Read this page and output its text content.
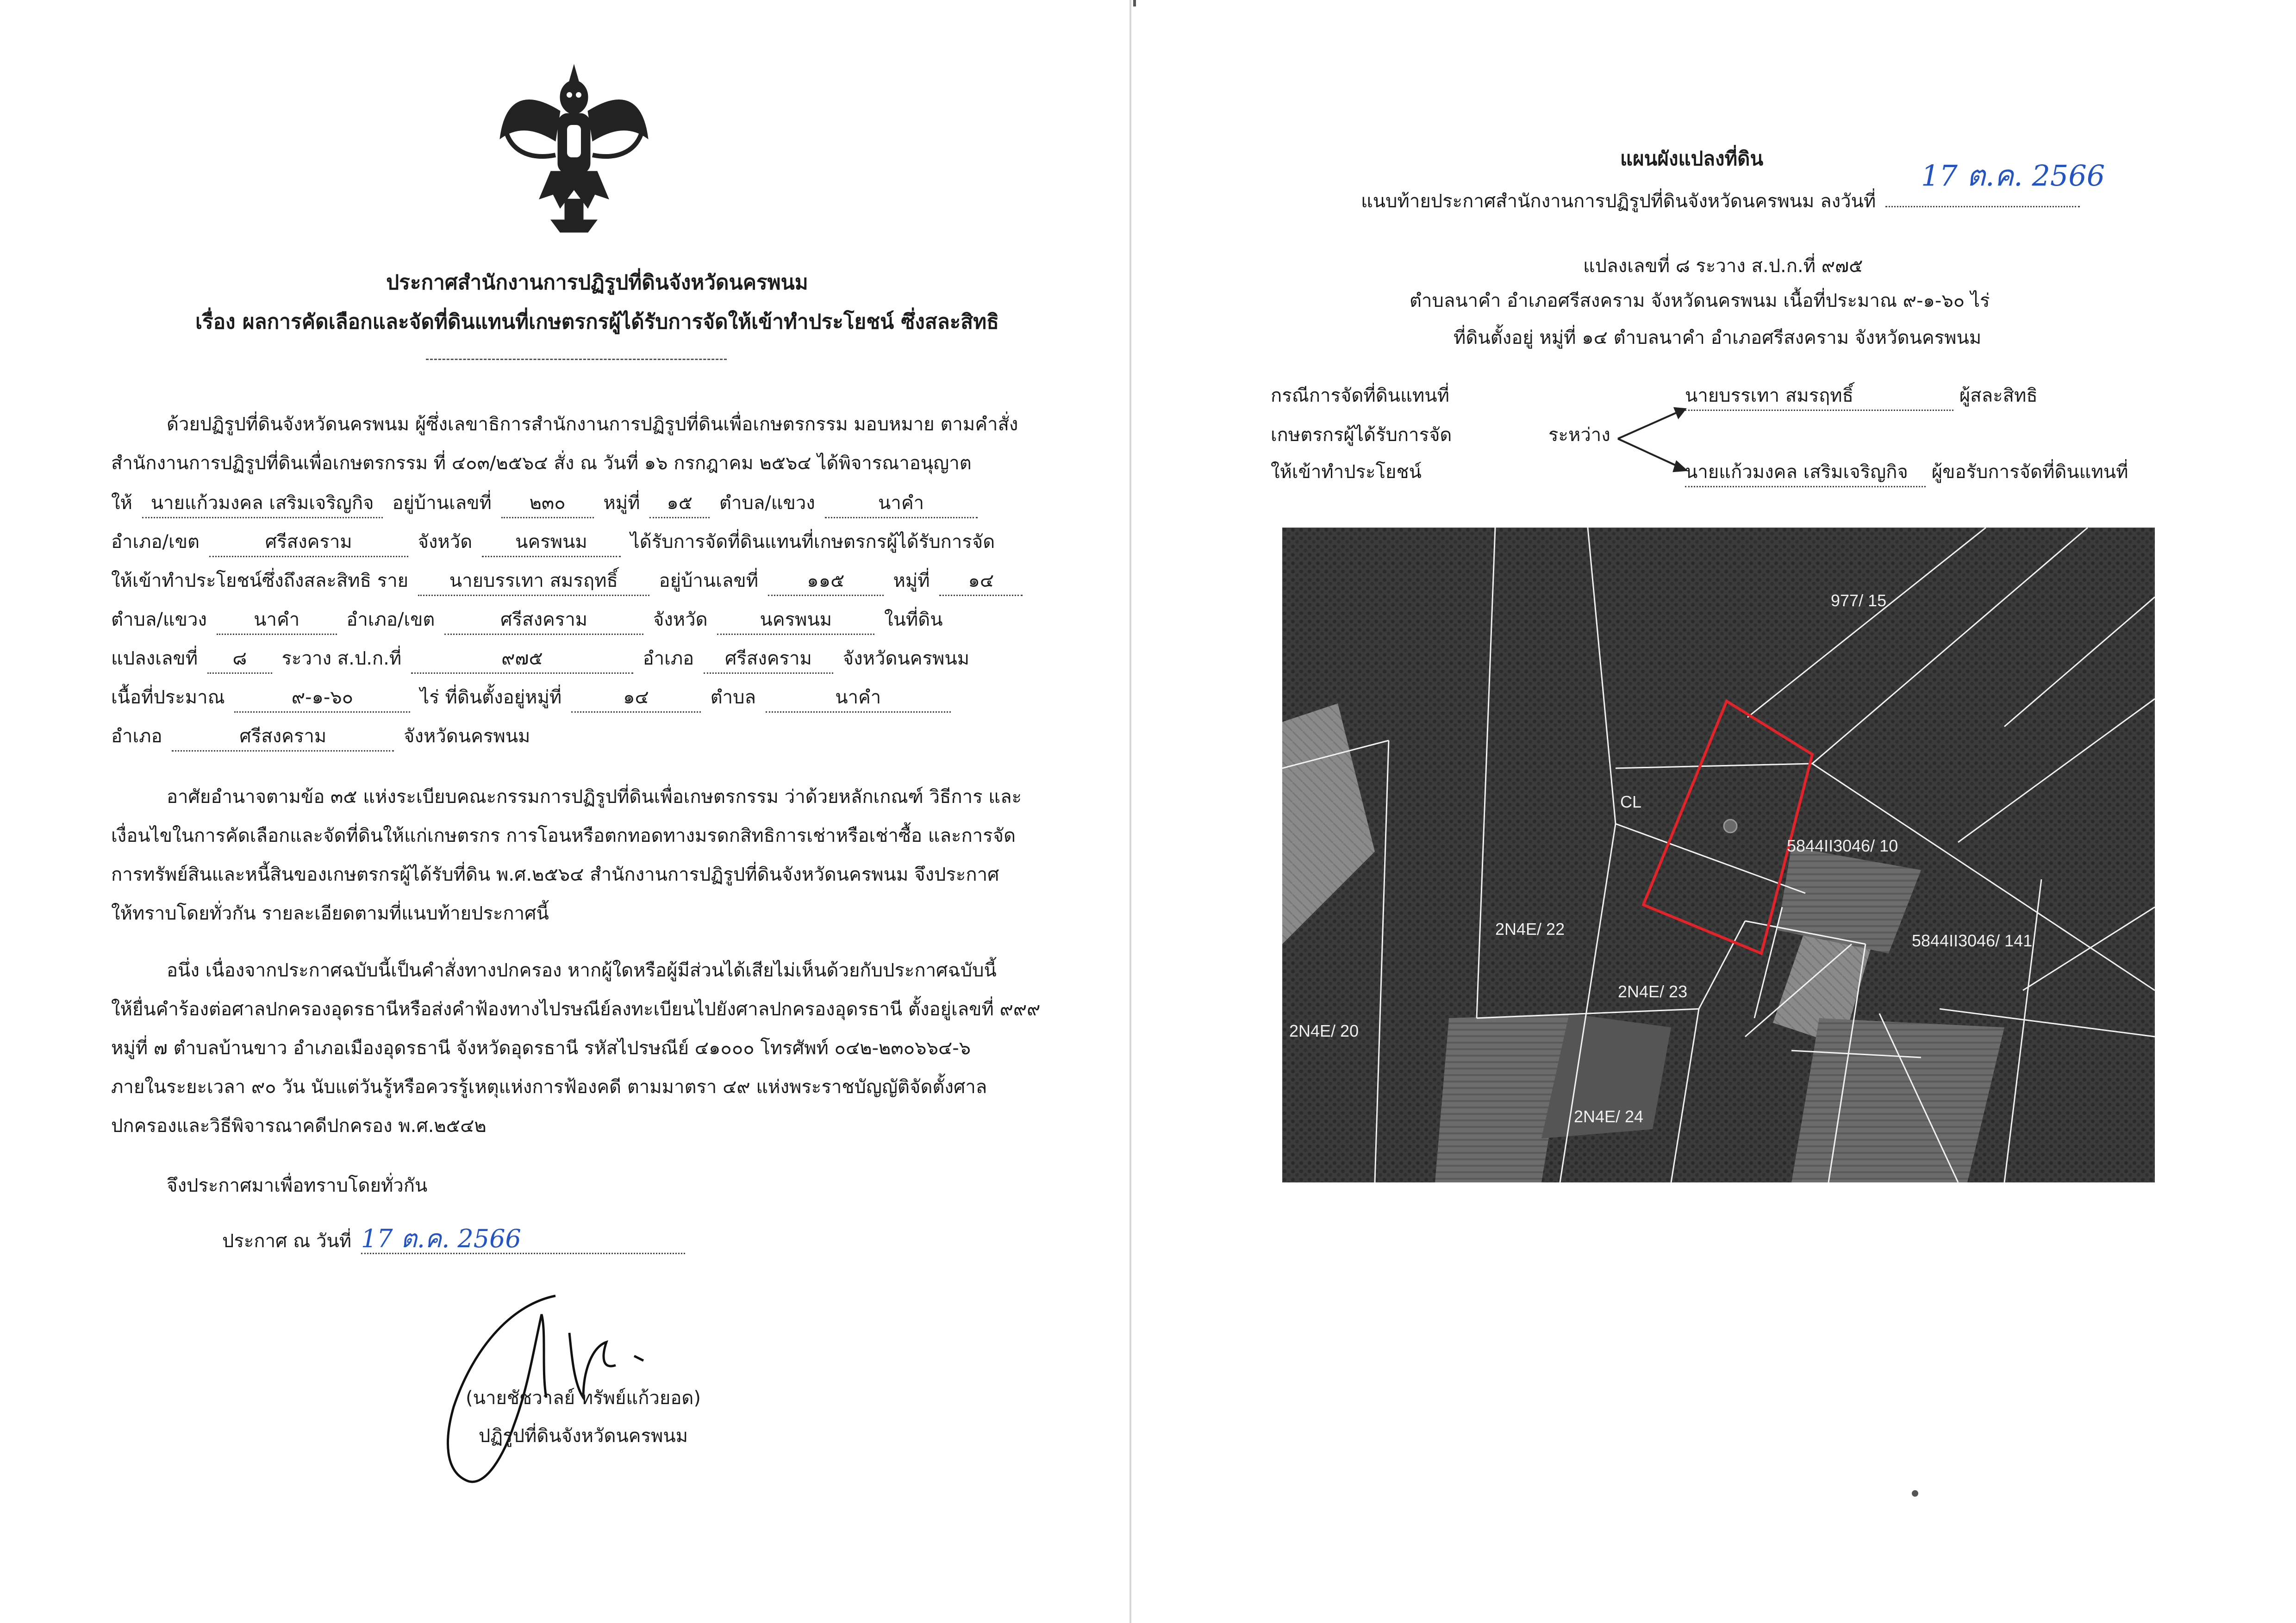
ประกาศสำนักงานการปฏิรูปที่ดินจังหวัดนครพนม
เรื่อง ผลการคัดเลือกและจัดที่ดินแทนที่เกษตรกรผู้ได้รับการจัดให้เข้าทำประโยชน์ ซึ่งสละสิทธิ

ด้วยปฏิรูปที่ดินจังหวัดนครพนม ผู้ซึ่งเลขาธิการสำนักงานการปฏิรูปที่ดินเพื่อเกษตรกรรม มอบหมาย ตามคำสั่ง

สำนักงานการปฏิรูปที่ดินเพื่อเกษตรกรรม ที่ ๔๐๓/๒๕๖๔ สั่ง ณ วันที่ ๑๖ กรกฎาคม ๒๕๖๔ ได้พิจารณาอนุญาต

ให้ นายแก้วมงคล เสริมเจริญกิจ อยู่บ้านเลขที่ ๒๓๐ หมู่ที่ ๑๕ ตำบล/แขวง	นาคำ
อำเภอ/เขต	ศรีสงคราม	จังหวัด นครพนม ได้รับการจัดที่ดินแทนที่เกษตรกรผู้ได้รับการจัด
ให้เข้าทำประโยชน์ซึ่งถึงสละสิทธิ ราย นายบรรเทา สมรฤทธิ์ อยู่บ้านเลขที่	๑๑๕	หมู่ที่ ๑๔
ตำบล/แขวง	นาคำ	อำเภอ/เขต	ศรีสงคราม	จังหวัด	นครพนม	ในที่ดิน
แปลงเลขที่ ๘ ระวาง ส.ป.ก.ที่	๙๗๕	อำเภอ ศรีสงคราม จังหวัดนครพนม
เนื้อที่ประมาณ	๙-๑-๖๐	ไร่ ที่ดินตั้งอยู่หมู่ที่	๑๔	ตำบล	นาคำ
อำเภอ	ศรีสงคราม	จังหวัดนครพนม

อาศัยอำนาจตามข้อ ๓๕ แห่งระเบียบคณะกรรมการปฏิรูปที่ดินเพื่อเกษตรกรรม ว่าด้วยหลักเกณฑ์ วิธีการ และ

เงื่อนไขในการคัดเลือกและจัดที่ดินให้แก่เกษตรกร การโอนหรือตกทอดทางมรดกสิทธิการเช่าหรือเช่าซื้อ และการจัด

การทรัพย์สินและหนี้สินของเกษตรกรผู้ได้รับที่ดิน พ.ศ.๒๕๖๔ สำนักงานการปฏิรูปที่ดินจังหวัดนครพนม จึงประกาศ

ให้ทราบโดยทั่วกัน รายละเอียดตามที่แนบท้ายประกาศนี้

อนึ่ง เนื่องจากประกาศฉบับนี้เป็นคำสั่งทางปกครอง หากผู้ใดหรือผู้มีส่วนได้เสียไม่เห็นด้วยกับประกาศฉบับนี้

ให้ยื่นคำร้องต่อศาลปกครองอุดรธานีหรือส่งคำฟ้องทางไปรษณีย์ลงทะเบียนไปยังศาลปกครองอุดรธานี ตั้งอยู่เลขที่ ๙๙๙

หมู่ที่ ๗ ตำบลบ้านขาว อำเภอเมืองอุดรธานี จังหวัดอุดรธานี รหัสไปรษณีย์ ๔๑๐๐๐ โทรศัพท์ ๐๔๒-๒๓๐๖๖๔-๖

ภายในระยะเวลา ๙๐ วัน นับแต่วันรู้หรือควรรู้เหตุแห่งการฟ้องคดี ตามมาตรา ๔๙ แห่งพระราชบัญญัติจัดตั้งศาล

ปกครองและวิธีพิจารณาคดีปกครอง พ.ศ.๒๕๔๒

จึงประกาศมาเพื่อทราบโดยทั่วกัน

ประกาศ ณ วันที่ 17 ต.ค. 2566
(นายชัชวาลย์ ทรัพย์แก้วยอด)
ปฏิรูปที่ดินจังหวัดนครพนม
แผนผังแปลงที่ดิน
17 ต.ค. 2566
แนบท้ายประกาศสำนักงานการปฏิรูปที่ดินจังหวัดนครพนม ลงวันที่
แปลงเลขที่ ๘ ระวาง ส.ป.ก.ที่ ๙๗๕
ตำบลนาคำ อำเภอศรีสงคราม จังหวัดนครพนม เนื้อที่ประมาณ ๙-๑-๖๐ ไร่
ที่ดินตั้งอยู่ หมู่ที่ ๑๔ ตำบลนาคำ อำเภอศรีสงคราม จังหวัดนครพนม
กรณีการจัดที่ดินแทนที่
เกษตรกรผู้ได้รับการจัด
ให้เข้าทำประโยชน์
ระหว่าง
นายบรรเทา สมรฤทธิ์	ผู้สละสิทธิ
นายแก้วมงคล เสริมเจริญกิจ ผู้ขอรับการจัดที่ดินแทนที่
977/ 15
CL
5844II3046/ 10
5844II3046/ 141
2N4E/ 22
2N4E/ 23
2N4E/ 20
2N4E/ 24
